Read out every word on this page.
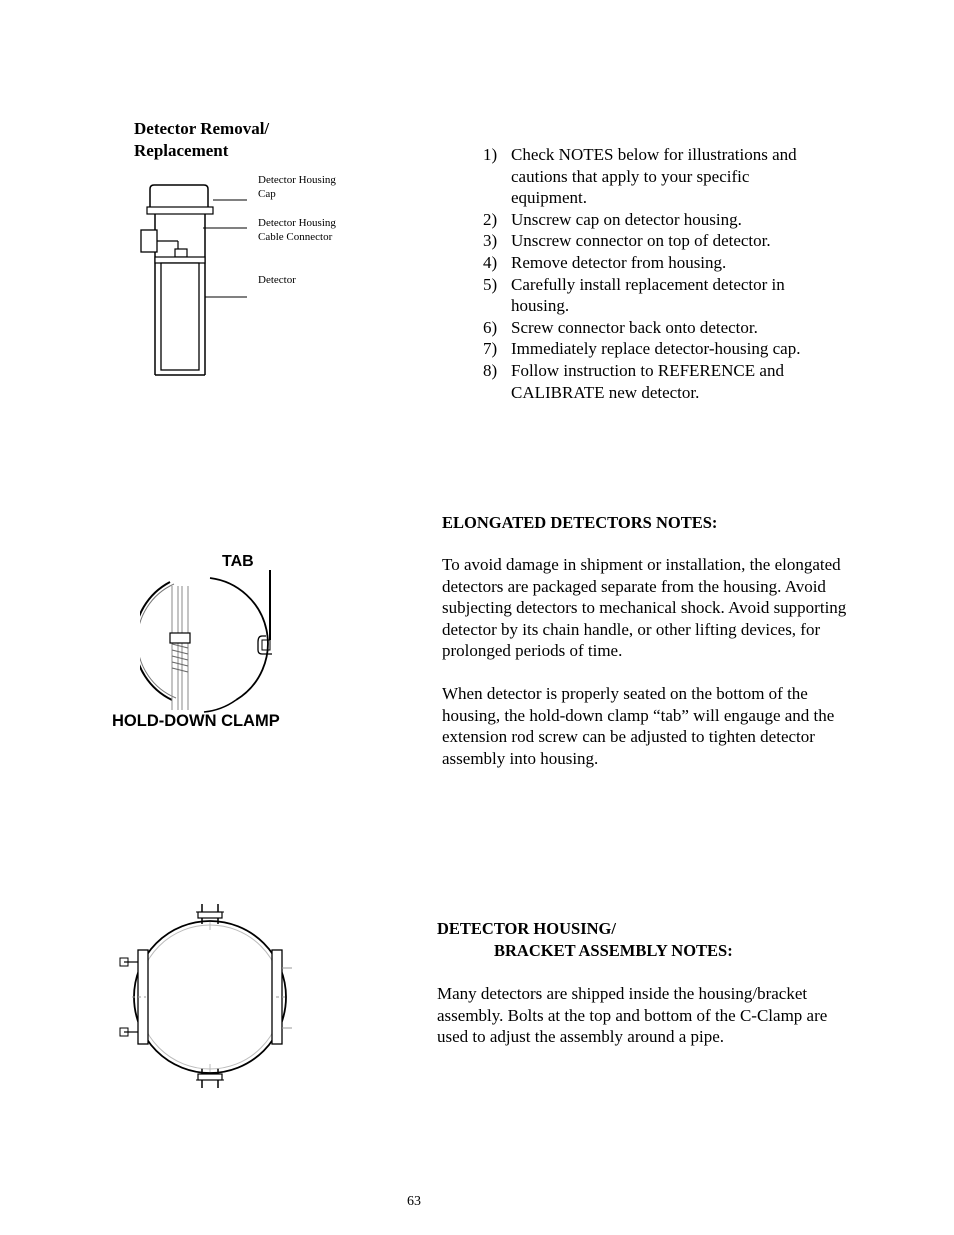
Detector Removal/
Replacement
Detector Housing
Cap
Detector Housing
Cable Connector
Detector
1) Check NOTES below for illustrations and cautions that apply to your specific equipment.
2) Unscrew cap on detector housing.
3) Unscrew connector on top of detector.
4) Remove detector from housing.
5) Carefully install replacement detector in housing.
6) Screw connector back onto detector.
7) Immediately replace detector-housing cap.
8) Follow instruction to REFERENCE and CALIBRATE new detector.
TAB
HOLD-DOWN CLAMP
ELONGATED DETECTORS NOTES:

To avoid damage in shipment or installation, the elongated detectors are packaged separate from the housing. Avoid subjecting detectors to mechanical shock. Avoid supporting detector by its chain handle, or other lifting devices, for prolonged periods of time.

When detector is properly seated on the bottom of the housing, the hold-down clamp “tab” will engauge and the extension rod screw can be adjusted to tighten detector assembly into housing.

DETECTOR HOUSING/
BRACKET ASSEMBLY NOTES:

Many detectors are shipped inside the housing/bracket assembly. Bolts at the top and bottom of the C-Clamp are used to adjust the assembly around a pipe.

63
